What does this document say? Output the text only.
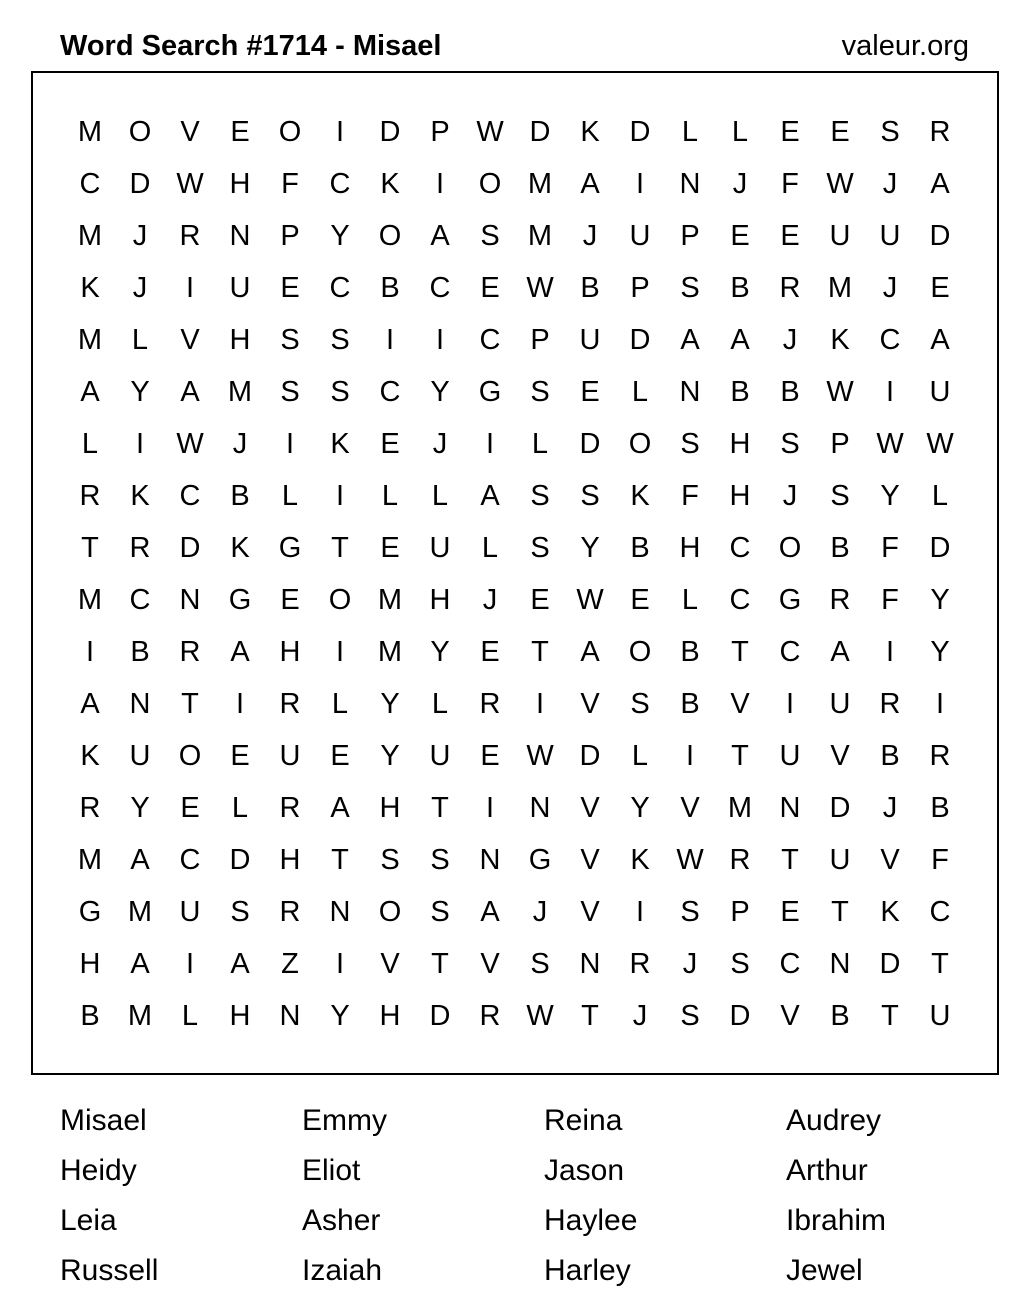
Word Search #1714 - Misael	valeur.org
M O	V	E	O	I	D	P W D	K	D	L	L	E	E	S	R
C	D W H	F	C	K	I	O M A	I	N	J	F W	J	A
M	J	R	N	P	Y	O	A	S M	J	U	P	E	E	U	U	D
K	J	I	U	E	C	B	C	E W B	P	S	B	R M	J	E
M	L	V	H	S	S	I	I	C	P	U	D	A	A	J	K	C	A
A	Y	A M S	S	C	Y	G	S	E	L	N	B	B W	I	U
L	I	W	J	I	K	E	J	I	L	D O	S	H	S	P W W
R	K	C	B	L	I	L	L	A	S	S	K	F	H	J	S	Y	L
T	R	D	K	G	T	E	U	L	S	Y	B	H	C O	B	F	D
M C	N G	E	O M H	J	E W E	L	C G R	F	Y
I	B	R	A	H	I	M Y	E	T	A	O	B	T	C	A	I	Y
A	N	T	I	R	L	Y	L	R	I	V	S	B	V	I	U	R	I
K	U O	E	U	E	Y	U	E W D	L	I	T	U	V	B	R
R	Y	E	L	R	A	H	T	I	N	V	Y	V M N	D	J	B
M A	C	D	H	T	S	S	N G	V	K W R	T	U	V	F
G M U	S	R	N O	S	A	J	V	I	S	P	E	T	K	C
H	A	I	A	Z	I	V	T	V	S	N	R	J	S	C	N	D	T
B M	L	H	N	Y	H	D	R W T	J	S	D	V	B	T	U
Misael	Emmy	Reina	Audrey
Heidy	Eliot	Jason	Arthur
Leia	Asher	Haylee	Ibrahim
Russell	Izaiah	Harley	Jewel
